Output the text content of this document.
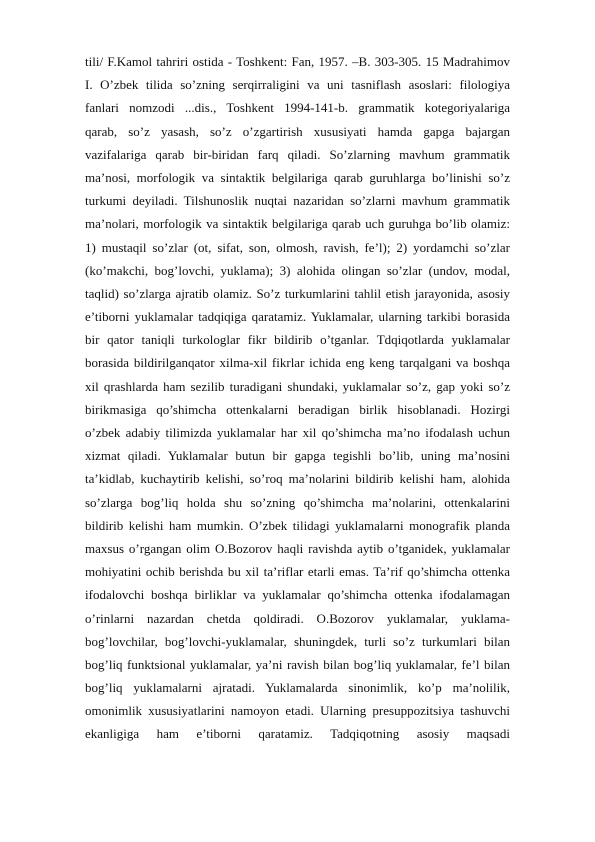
tili/ F.Kamol tahriri ostida - Toshkent: Fan, 1957. –B. 303-305. 15 Madrahimov
I. O’zbek tilida so’zning serqirraligini va uni tasniflash asoslari: filologiya
fanlari nomzodi ...dis., Toshkent 1994-141-b. grammatik kotegoriyalariga
qarab, so’z yasash, so’z o’zgartirish xususiyati hamda gapga bajargan
vazifalariga qarab bir-biridan farq qiladi. So’zlarning mavhum grammatik
ma’nosi, morfologik va sintaktik belgilariga qarab guruhlarga bo’linishi so’z
turkumi deyiladi. Tilshunoslik nuqtai nazaridan so’zlarni mavhum grammatik
ma’nolari, morfologik va sintaktik belgilariga qarab uch guruhga bo’lib olamiz:
1) mustaqil so’zlar (ot, sifat, son, olmosh, ravish, fe’l); 2) yordamchi so’zlar
(ko’makchi, bog’lovchi, yuklama); 3) alohida olingan so’zlar (undov, modal,
taqlid) so’zlarga ajratib olamiz. So’z turkumlarini tahlil etish jarayonida, asosiy
e’tiborni yuklamalar tadqiqiga qaratamiz. Yuklamalar, ularning tarkibi borasida
bir qator taniqli turkologlar fikr bildirib o’tganlar. Tdqiqotlarda yuklamalar
borasida bildirilganqator xilma-xil fikrlar ichida eng keng tarqalgani va boshqa
xil qrashlarda ham sezilib turadigani shundaki, yuklamalar so’z, gap yoki so’z
birikmasiga qo’shimcha ottenkalarni beradigan birlik hisoblanadi. Hozirgi
o’zbek adabiy tilimizda yuklamalar har xil qo’shimcha ma’no ifodalash uchun
xizmat qiladi. Yuklamalar butun bir gapga tegishli bo’lib, uning ma’nosini
ta’kidlab, kuchaytirib kelishi, so’roq ma’nolarini bildirib kelishi ham, alohida
so’zlarga bog’liq holda shu so’zning qo’shimcha ma’nolarini, ottenkalarini
bildirib kelishi ham mumkin. O’zbek tilidagi yuklamalarni monografik planda
maxsus o’rgangan olim O.Bozorov haqli ravishda aytib o’tganidek, yuklamalar
mohiyatini ochib berishda bu xil ta’riflar etarli emas. Ta’rif qo’shimcha ottenka
ifodalovchi boshqa birliklar va yuklamalar qo’shimcha ottenka ifodalamagan
o’rinlarni nazardan chetda qoldiradi. O.Bozorov yuklamalar, yuklama-
bog’lovchilar, bog’lovchi-yuklamalar, shuningdek, turli so’z turkumlari bilan
bog’liq funktsional yuklamalar, ya’ni ravish bilan bog’liq yuklamalar, fe’l bilan
bog’liq yuklamalarni ajratadi. Yuklamalarda sinonimlik, ko’p ma’nolilik,
omonimlik xususiyatlarini namoyon etadi. Ularning presuppozitsiya tashuvchi
ekanligiga ham e’tiborni qaratamiz. Tadqiqotning asosiy maqsadi
